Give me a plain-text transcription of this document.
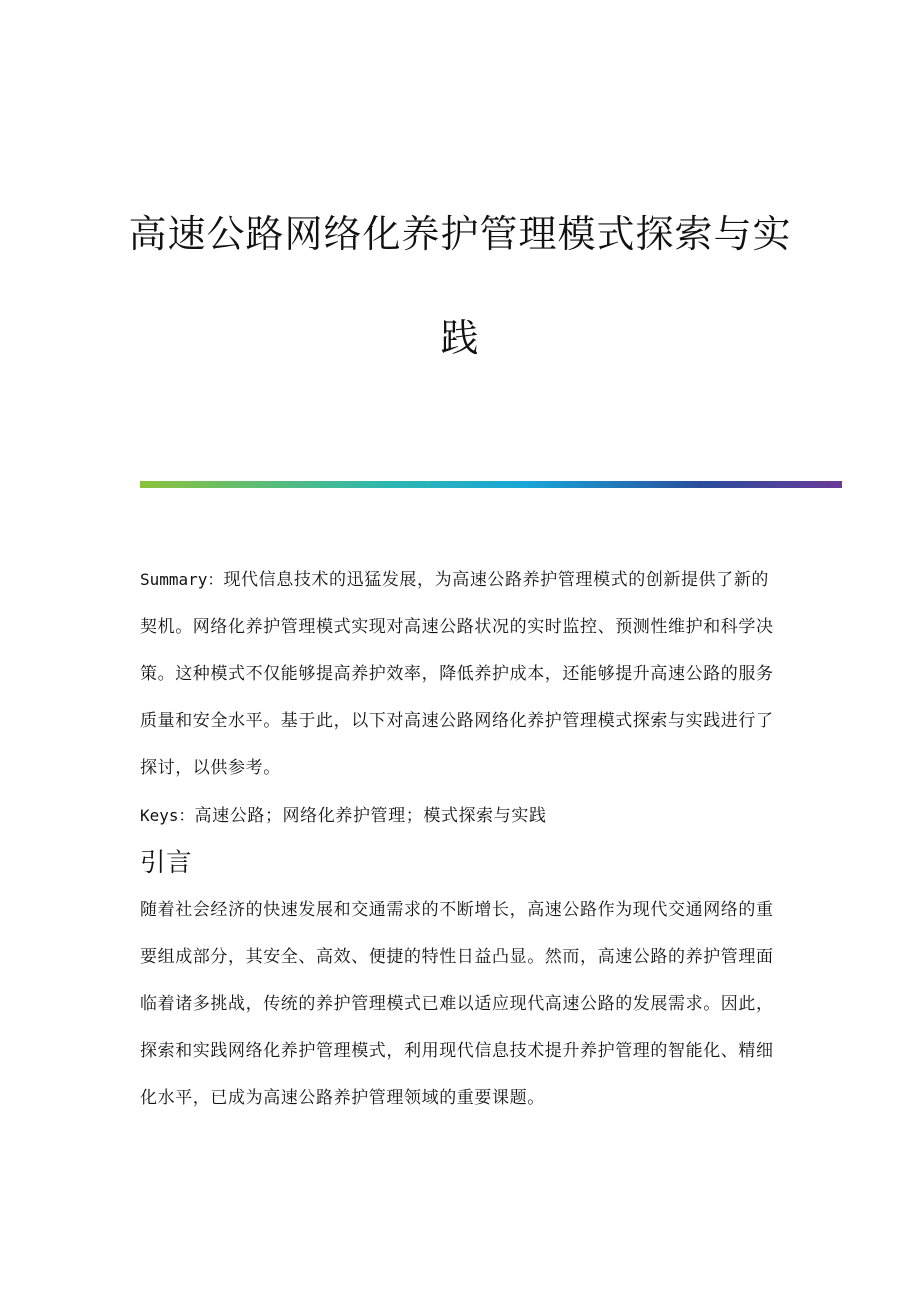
高速公路网络化养护管理模式探索与实
践

Summary：现代信息技术的迅猛发展，为高速公路养护管理模式的创新提供了新的契机。网络化养护管理模式实现对高速公路状况的实时监控、预测性维护和科学决策。这种模式不仅能够提高养护效率，降低养护成本，还能够提升高速公路的服务质量和安全水平。基于此，以下对高速公路网络化养护管理模式探索与实践进行了探讨，以供参考。

Keys：高速公路；网络化养护管理；模式探索与实践

引言

随着社会经济的快速发展和交通需求的不断增长，高速公路作为现代交通网络的重要组成部分，其安全、高效、便捷的特性日益凸显。然而，高速公路的养护管理面临着诸多挑战，传统的养护管理模式已难以适应现代高速公路的发展需求。因此，探索和实践网络化养护管理模式，利用现代信息技术提升养护管理的智能化、精细化水平，已成为高速公路养护管理领域的重要课题。
